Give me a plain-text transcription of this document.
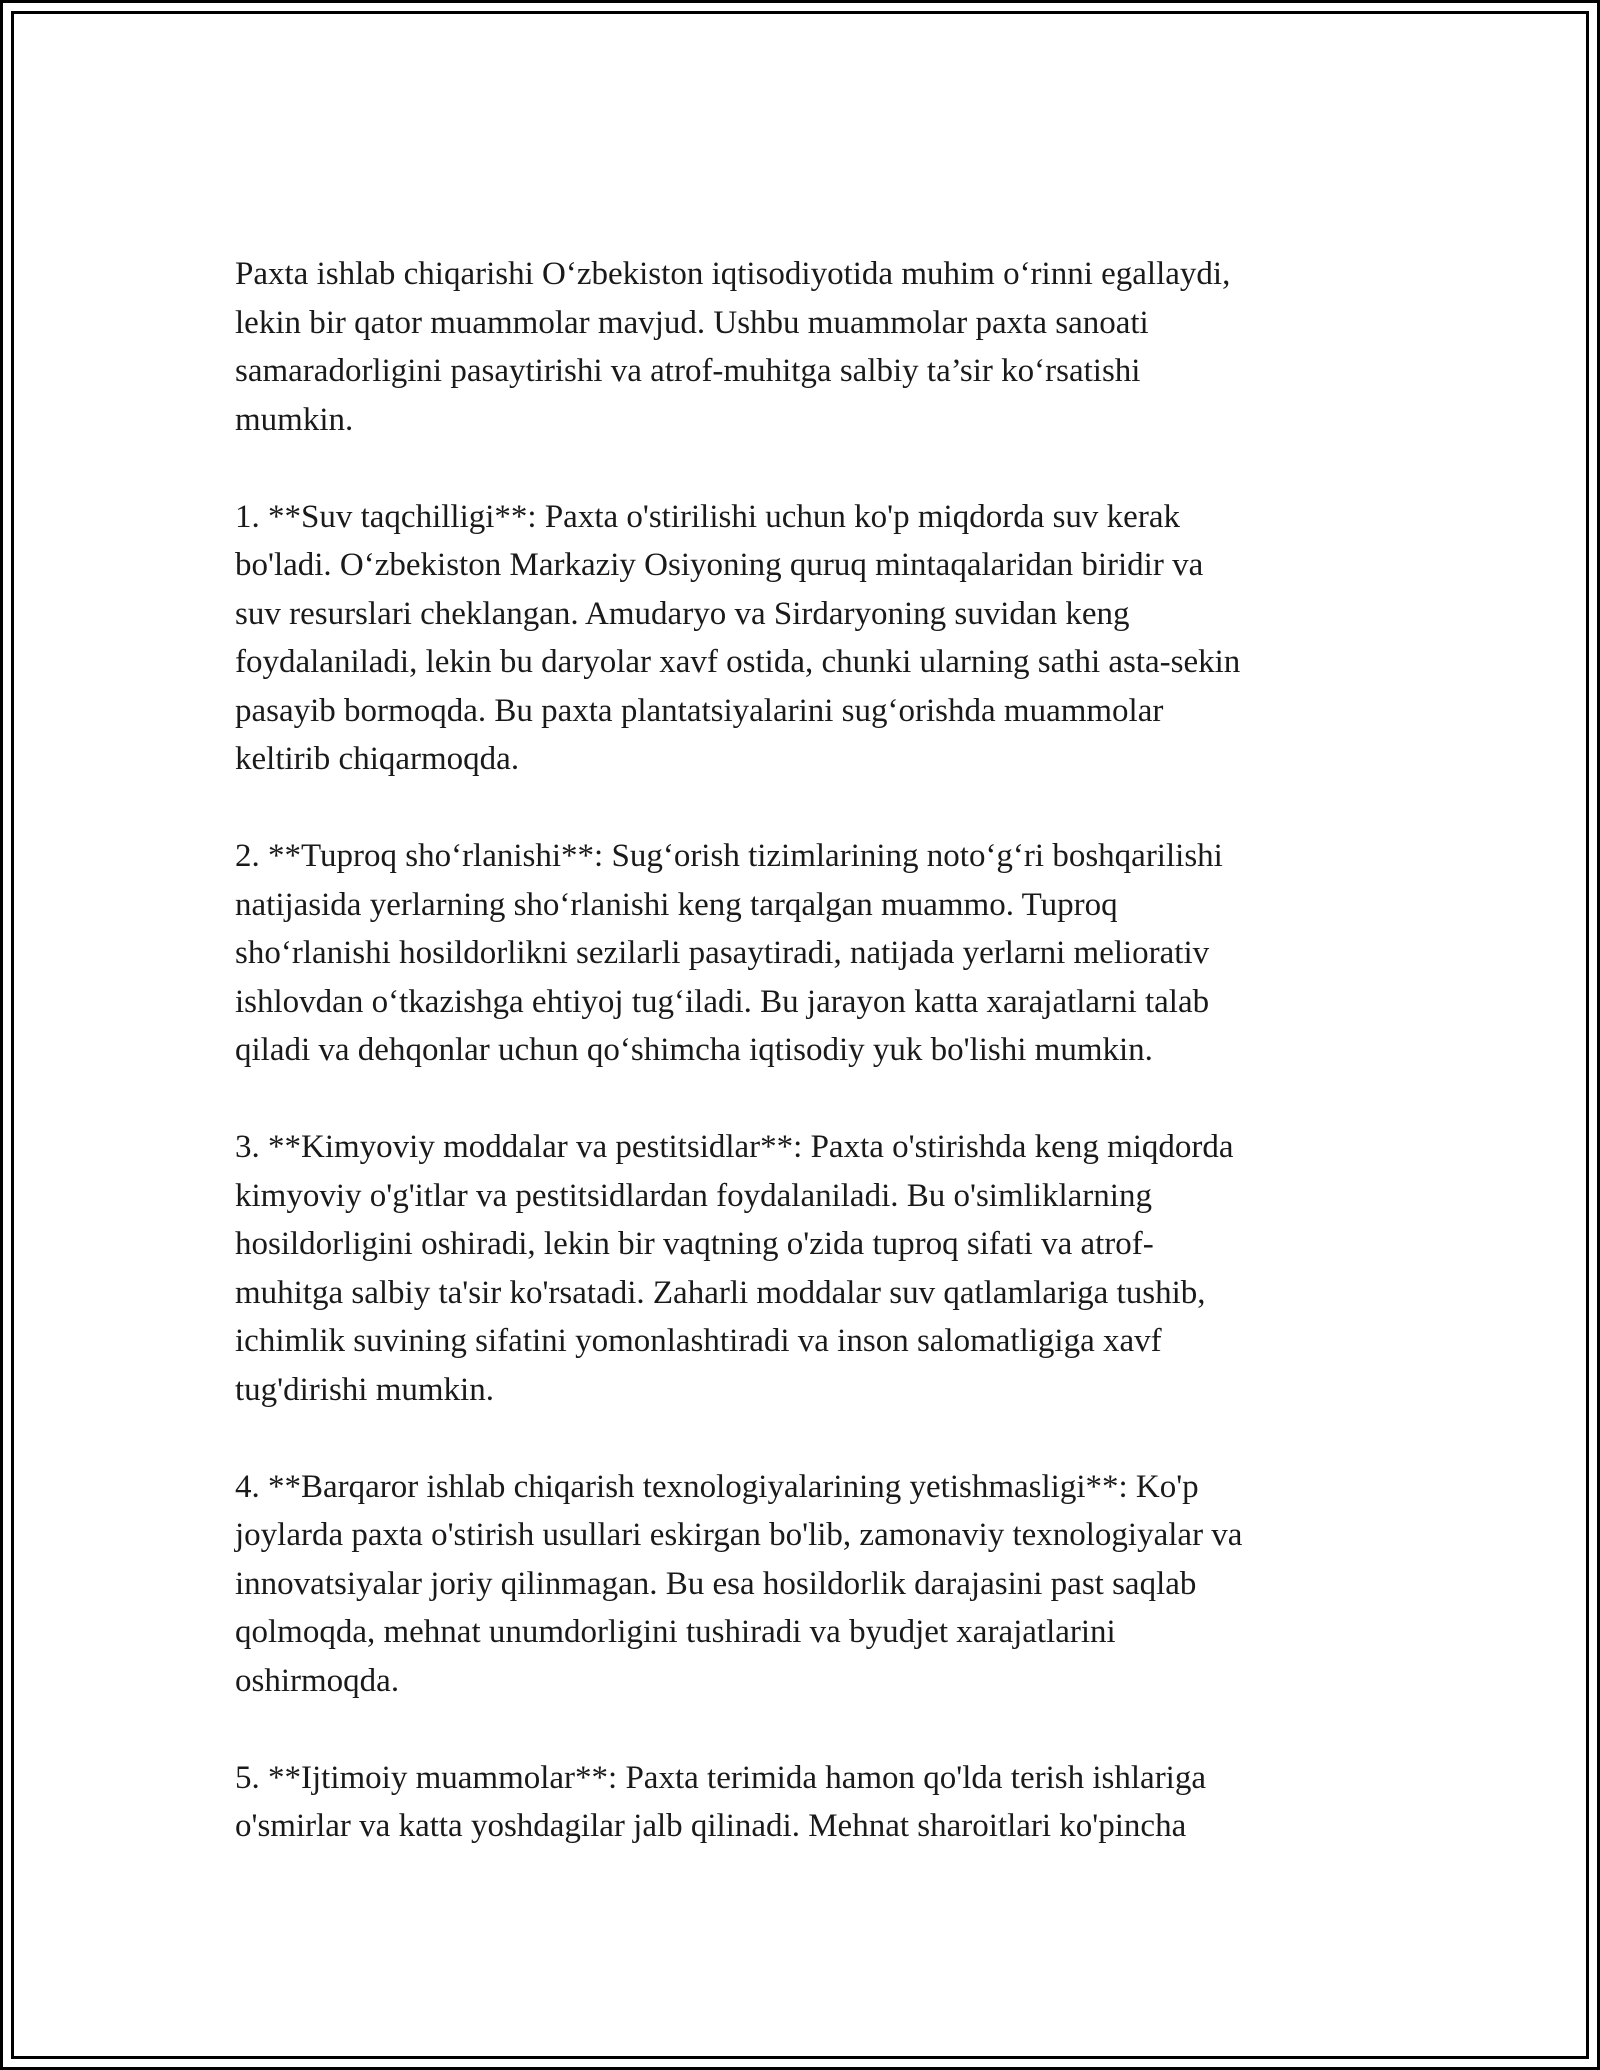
Paxta ishlab chiqarishi O‘zbekiston iqtisodiyotida muhim o‘rinni egallaydi,
lekin bir qator muammolar mavjud. Ushbu muammolar paxta sanoati
samaradorligini pasaytirishi va atrof-muhitga salbiy ta’sir ko‘rsatishi
mumkin.

1. **Suv taqchilligi**: Paxta o'stirilishi uchun ko'p miqdorda suv kerak
bo'ladi. O‘zbekiston Markaziy Osiyoning quruq mintaqalaridan biridir va
suv resurslari cheklangan. Amudaryo va Sirdaryoning suvidan keng
foydalaniladi, lekin bu daryolar xavf ostida, chunki ularning sathi asta-sekin
pasayib bormoqda. Bu paxta plantatsiyalarini sug‘orishda muammolar
keltirib chiqarmoqda.

2. **Tuproq sho‘rlanishi**: Sug‘orish tizimlarining noto‘g‘ri boshqarilishi
natijasida yerlarning sho‘rlanishi keng tarqalgan muammo. Tuproq
sho‘rlanishi hosildorlikni sezilarli pasaytiradi, natijada yerlarni meliorativ
ishlovdan o‘tkazishga ehtiyoj tug‘iladi. Bu jarayon katta xarajatlarni talab
qiladi va dehqonlar uchun qo‘shimcha iqtisodiy yuk bo'lishi mumkin.

3. **Kimyoviy moddalar va pestitsidlar**: Paxta o'stirishda keng miqdorda
kimyoviy o'g'itlar va pestitsidlardan foydalaniladi. Bu o'simliklarning
hosildorligini oshiradi, lekin bir vaqtning o'zida tuproq sifati va atrof-
muhitga salbiy ta'sir ko'rsatadi. Zaharli moddalar suv qatlamlariga tushib,
ichimlik suvining sifatini yomonlashtiradi va inson salomatligiga xavf
tug'dirishi mumkin.

4. **Barqaror ishlab chiqarish texnologiyalarining yetishmasligi**: Ko'p
joylarda paxta o'stirish usullari eskirgan bo'lib, zamonaviy texnologiyalar va
innovatsiyalar joriy qilinmagan. Bu esa hosildorlik darajasini past saqlab
qolmoqda, mehnat unumdorligini tushiradi va byudjet xarajatlarini
oshirmoqda.

5. **Ijtimoiy muammolar**: Paxta terimida hamon qo'lda terish ishlariga
o'smirlar va katta yoshdagilar jalb qilinadi. Mehnat sharoitlari ko'pincha
